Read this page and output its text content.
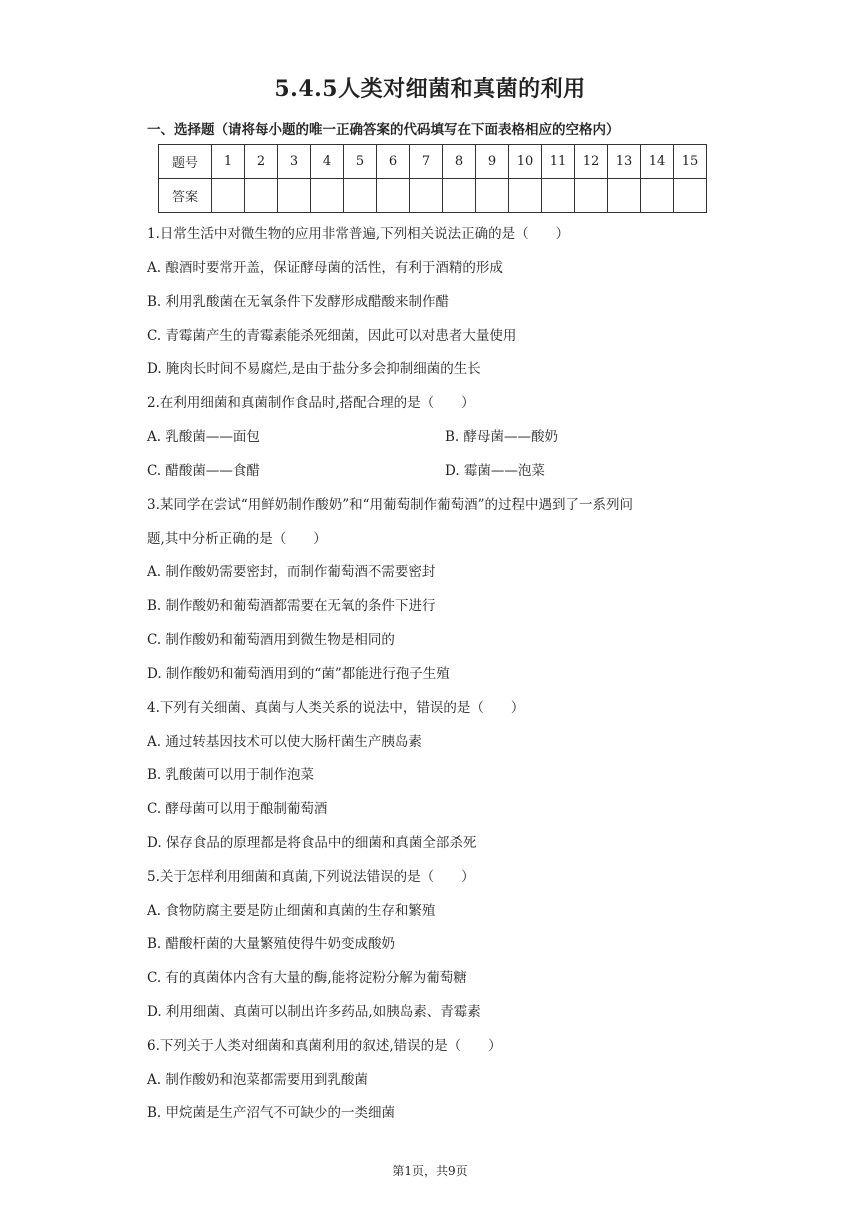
5.4.5人类对细菌和真菌的利用
一、选择题（请将每小题的唯一正确答案的代码填写在下面表格相应的空格内）
题号	1	2	3	4	5	6	7	8	9	10	11	12	13	14	15
答案															
1.日常生活中对微生物的应用非常普遍,下列相关说法正确的是（　　）
A. 酿酒时要常开盖，保证酵母菌的活性，有利于酒精的形成
B. 利用乳酸菌在无氧条件下发酵形成醋酸来制作醋
C. 青霉菌产生的青霉素能杀死细菌，因此可以对患者大量使用
D. 腌肉长时间不易腐烂,是由于盐分多会抑制细菌的生长
2.在利用细菌和真菌制作食品时,搭配合理的是（　　）
A. 乳酸菌——面包	B. 酵母菌——酸奶
C. 醋酸菌——食醋	D. 霉菌——泡菜
3.某同学在尝试“用鲜奶制作酸奶”和“用葡萄制作葡萄酒”的过程中遇到了一系列问
题,其中分析正确的是（　　）
A. 制作酸奶需要密封，而制作葡萄酒不需要密封
B. 制作酸奶和葡萄酒都需要在无氧的条件下进行
C. 制作酸奶和葡萄酒用到微生物是相同的
D. 制作酸奶和葡萄酒用到的“菌”都能进行孢子生殖
4.下列有关细菌、真菌与人类关系的说法中，错误的是（　　）
A. 通过转基因技术可以使大肠杆菌生产胰岛素
B. 乳酸菌可以用于制作泡菜
C. 酵母菌可以用于酿制葡萄酒
D. 保存食品的原理都是将食品中的细菌和真菌全部杀死
5.关于怎样利用细菌和真菌,下列说法错误的是（　　）
A. 食物防腐主要是防止细菌和真菌的生存和繁殖
B. 醋酸杆菌的大量繁殖使得牛奶变成酸奶
C. 有的真菌体内含有大量的酶,能将淀粉分解为葡萄糖
D. 利用细菌、真菌可以制出许多药品,如胰岛素、青霉素
6.下列关于人类对细菌和真菌利用的叙述,错误的是（　　）
A. 制作酸奶和泡菜都需要用到乳酸菌
B. 甲烷菌是生产沼气不可缺少的一类细菌
第1页，共9页
